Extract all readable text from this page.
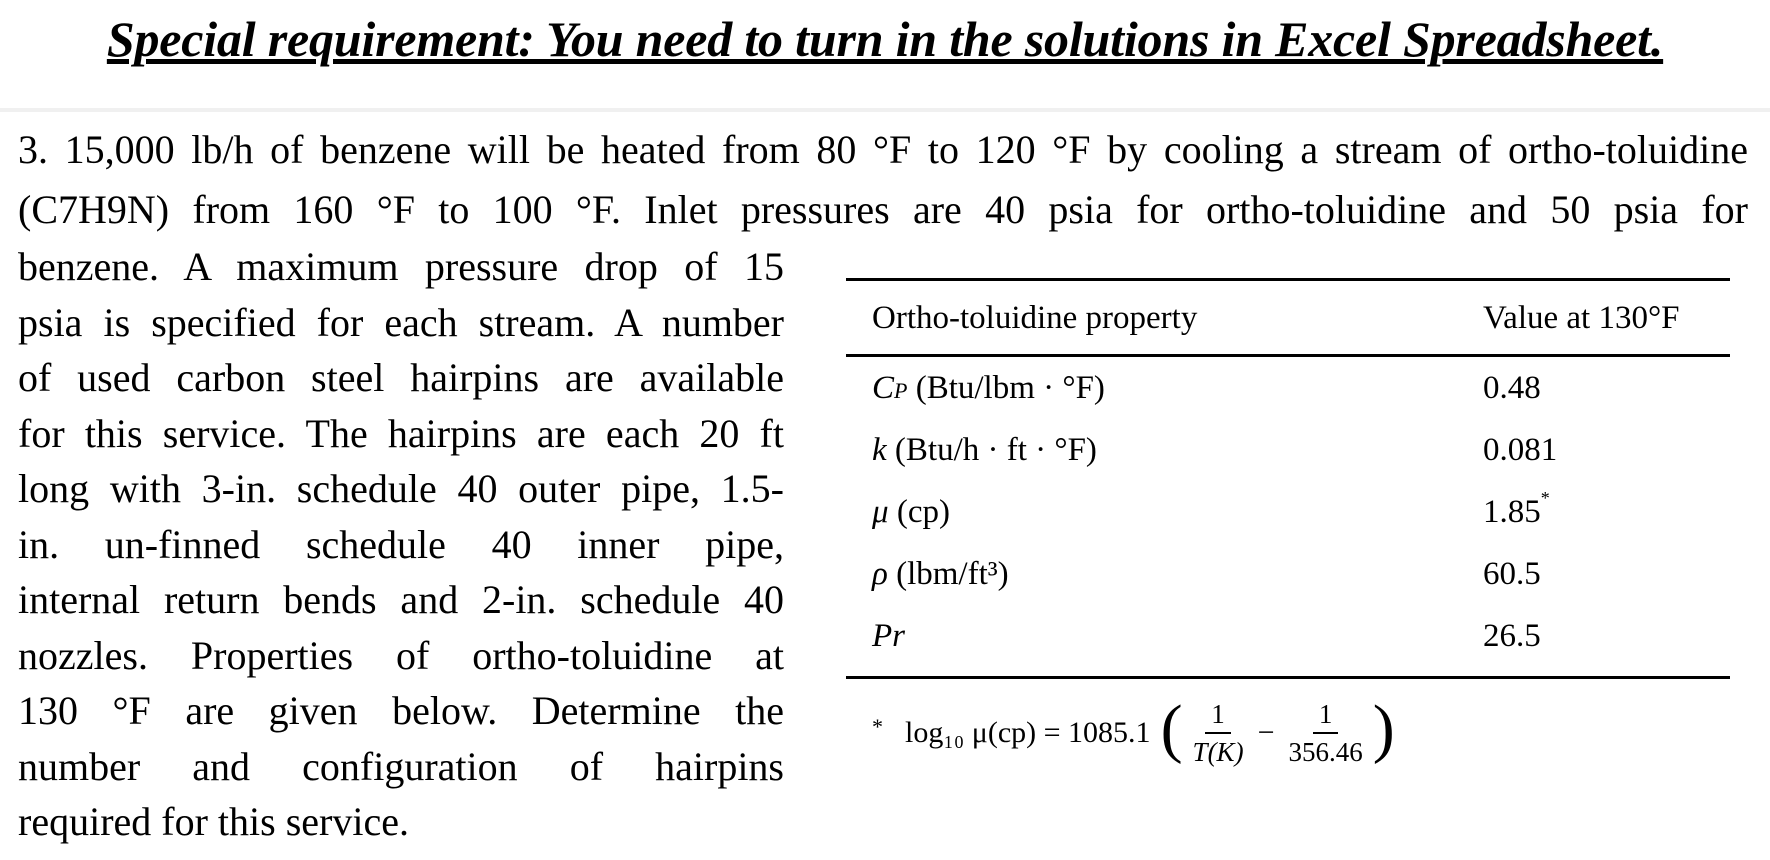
Special requirement: You need to turn in the solutions in Excel Spreadsheet.
3. 15,000 lb/h of benzene will be heated from 80 °F to 120 °F by cooling a stream of ortho-toluidine
(C7H9N) from 160 °F to 100 °F. Inlet pressures are 40 psia for ortho-toluidine and 50 psia for
benzene. A maximum pressure drop of 15
psia is specified for each stream. A number
of used carbon steel hairpins are available
for this service. The hairpins are each 20 ft
long with 3-in. schedule 40 outer pipe, 1.5-
in. un-finned schedule 40 inner pipe,
internal return bends and 2-in. schedule 40
nozzles. Properties of ortho-toluidine at
130 °F are given below. Determine the
number and configuration of hairpins
required for this service.
Ortho-toluidine property	Value at 130°F
CP (Btu/lbm · °F)	0.48
k (Btu/h · ft · °F)	0.081
μ (cp)	1.85*
ρ (lbm/ft³)	60.5
Pr	26.5
* log₁₀ μ(cp) = 1085.1 ( $\frac{1}{T(K)} - \frac{1}{356.46}$ )
